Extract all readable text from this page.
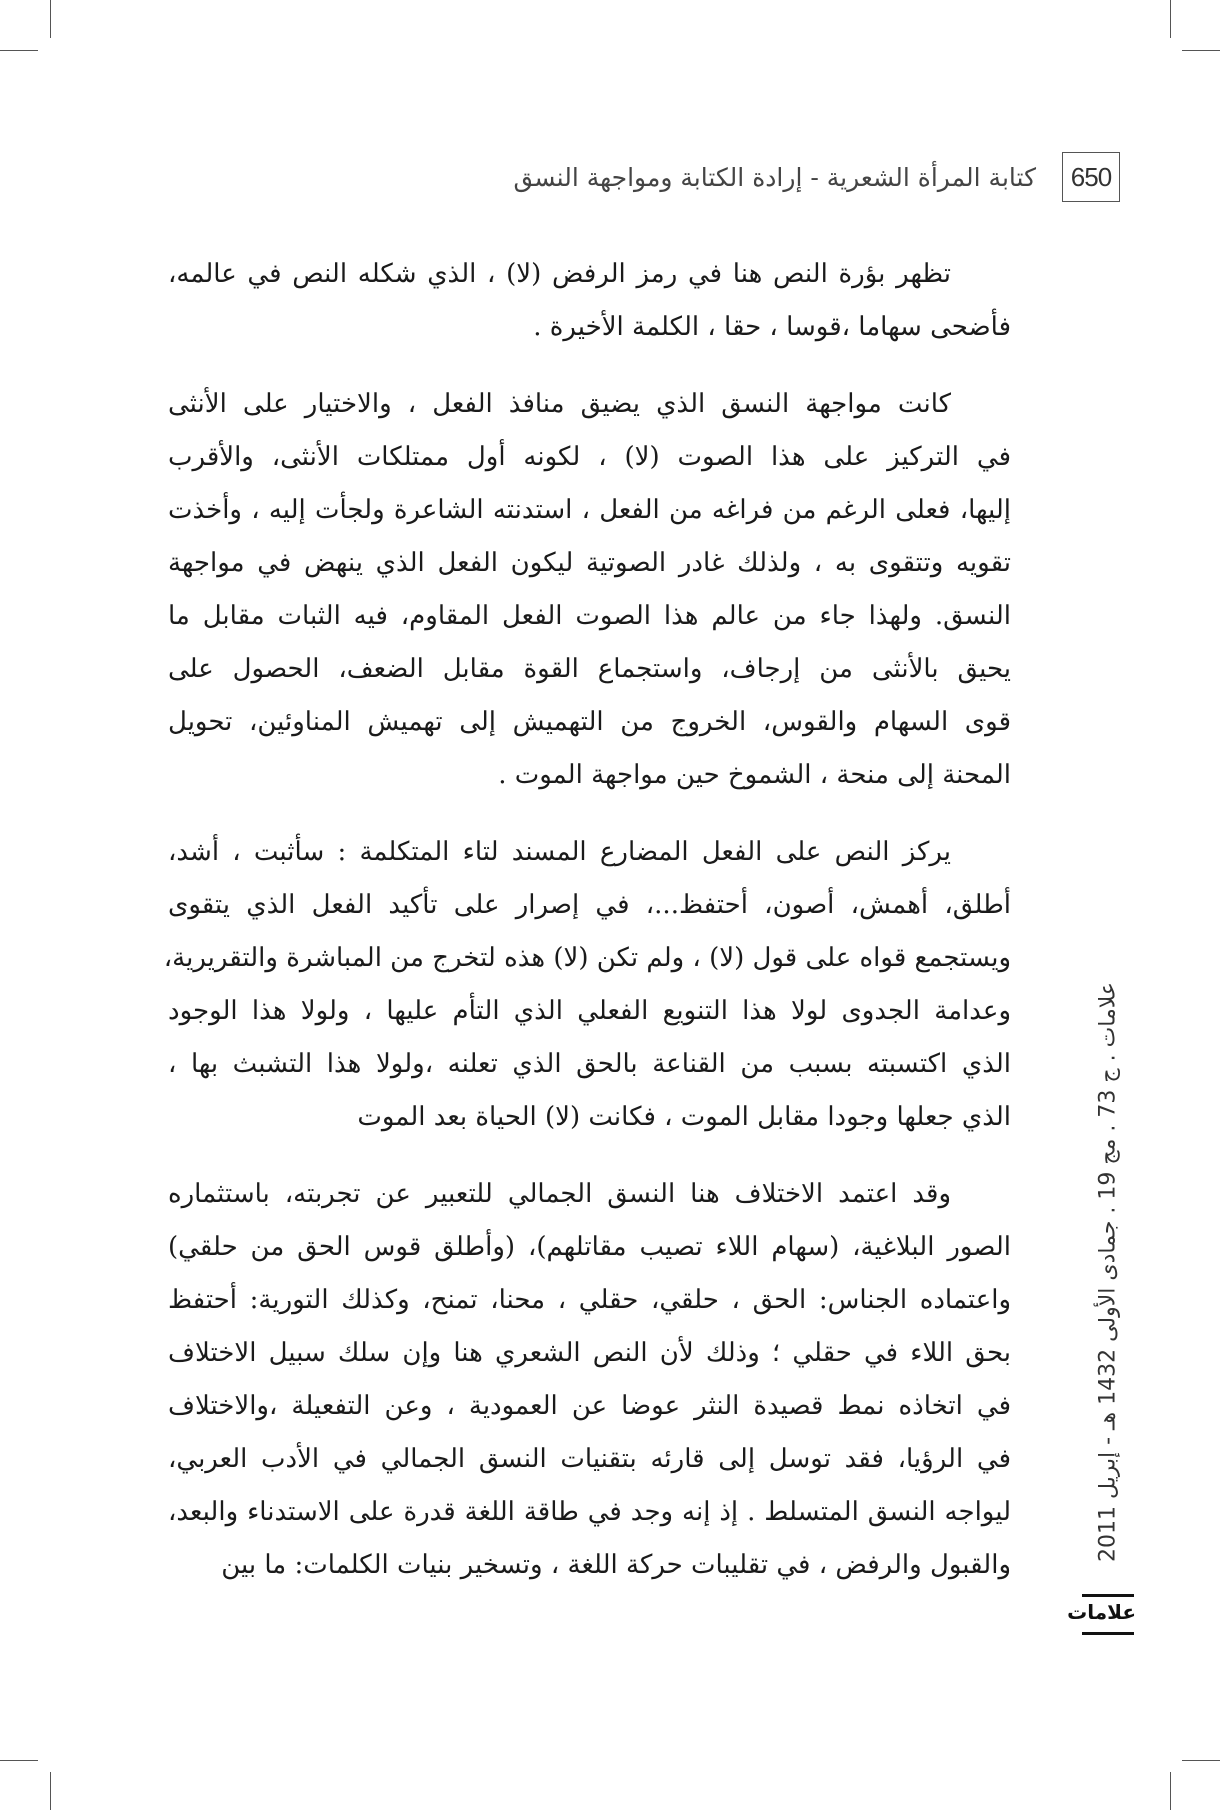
كتابة المرأة الشعرية - إرادة الكتابة ومواجهة النسق	650
تظهر بؤرة النص هنا في رمز الرفض (لا) ، الذي شكله النص في عالمه،
فأضحى سهاما ،قوسا ، حقا ، الكلمة الأخيرة .
كانت مواجهة النسق الذي يضيق منافذ الفعل ، والاختيار على الأنثى
في التركيز على هذا الصوت (لا) ، لكونه أول ممتلكات الأنثى، والأقرب
إليها، فعلى الرغم من فراغه من الفعل ، استدنته الشاعرة ولجأت إليه ، وأخذت
تقويه وتتقوى به ، ولذلك غادر الصوتية ليكون الفعل الذي ينهض في مواجهة
النسق. ولهذا جاء من عالم هذا الصوت الفعل المقاوم، فيه الثبات مقابل ما
يحيق بالأنثى من إرجاف، واستجماع القوة مقابل الضعف، الحصول على
قوى السهام والقوس، الخروج من التهميش إلى تهميش المناوئين، تحويل
المحنة إلى منحة ، الشموخ حين مواجهة الموت .
يركز النص على الفعل المضارع المسند لتاء المتكلمة : سأثبت ، أشد،
أطلق، أهمش، أصون، أحتفظ...، في إصرار على تأكيد الفعل الذي يتقوى
ويستجمع قواه على قول (لا) ، ولم تكن (لا) هذه لتخرج من المباشرة والتقريرية،
وعدامة الجدوى لولا هذا التنويع الفعلي الذي التأم عليها ، ولولا هذا الوجود
الذي اكتسبته بسبب من القناعة بالحق الذي تعلنه ،ولولا هذا التشبث بها ،
الذي جعلها وجودا مقابل الموت ، فكانت (لا) الحياة بعد الموت
وقد اعتمد الاختلاف هنا النسق الجمالي للتعبير عن تجربته، باستثماره
الصور البلاغية، (سهام اللاء تصيب مقاتلهم)، (وأطلق قوس الحق من حلقي)
واعتماده الجناس: الحق ، حلقي، حقلي ، محنا، تمنح، وكذلك التورية: أحتفظ
بحق اللاء في حقلي ؛ وذلك لأن النص الشعري هنا وإن سلك سبيل الاختلاف
في اتخاذه نمط قصيدة النثر عوضا عن العمودية ، وعن التفعيلة ،والاختلاف
في الرؤيا، فقد توسل إلى قارئه بتقنيات النسق الجمالي في الأدب العربي،
ليواجه النسق المتسلط . إذ إنه وجد في طاقة اللغة قدرة على الاستدناء والبعد،
والقبول والرفض ، في تقليبات حركة اللغة ، وتسخير بنيات الكلمات: ما بين
علامات . ج 73 . مج 19 . جمادى الأولى 1432 هـ - إبريل 2011
علامات
